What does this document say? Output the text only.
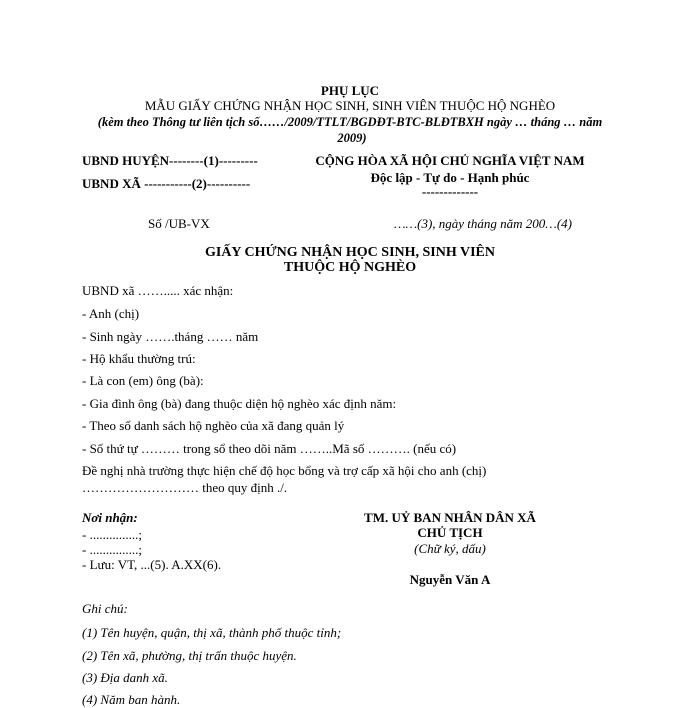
PHỤ LỤC
MẪU GIẤY CHỨNG NHẬN HỌC SINH, SINH VIÊN THUỘC HỘ NGHÈO
(kèm theo Thông tư liên tịch số……/2009/TTLT/BGDĐT-BTC-BLĐTBXH ngày … tháng … năm
2009)
UBND HUYỆN--------(1)---------
UBND XÃ -----------(2)----------
Số /UB-VX
CỘNG HÒA XÃ HỘI CHỦ NGHĨA VIỆT NAM
Độc lập - Tự do - Hạnh phúc
-------------
……(3), ngày tháng năm 200…(4)
GIẤY CHỨNG NHẬN HỌC SINH, SINH VIÊN
THUỘC HỘ NGHÈO
UBND xã ……..... xác nhận:
- Anh (chị)
- Sinh ngày …….tháng …… năm
- Hộ khẩu thường trú:
- Là con (em) ông (bà):
- Gia đình ông (bà) đang thuộc diện hộ nghèo xác định năm:
- Theo sổ danh sách hộ nghèo của xã đang quản lý
- Số thứ tự ……… trong sổ theo dõi năm ……..Mã số ………. (nếu có)
Đề nghị nhà trường thực hiện chế độ học bổng và trợ cấp xã hội cho anh (chị)
……………………… theo quy định ./.
Nơi nhận:
- ...............;
- ...............;
- Lưu: VT, ...(5). A.XX(6).
TM. UỶ BAN NHÂN DÂN XÃ
CHỦ TỊCH
(Chữ ký, dấu)
Nguyễn Văn A
Ghi chú:
(1) Tên huyện, quận, thị xã, thành phố thuộc tỉnh;
(2) Tên xã, phường, thị trấn thuộc huyện.
(3) Địa danh xã.
(4) Năm ban hành.
